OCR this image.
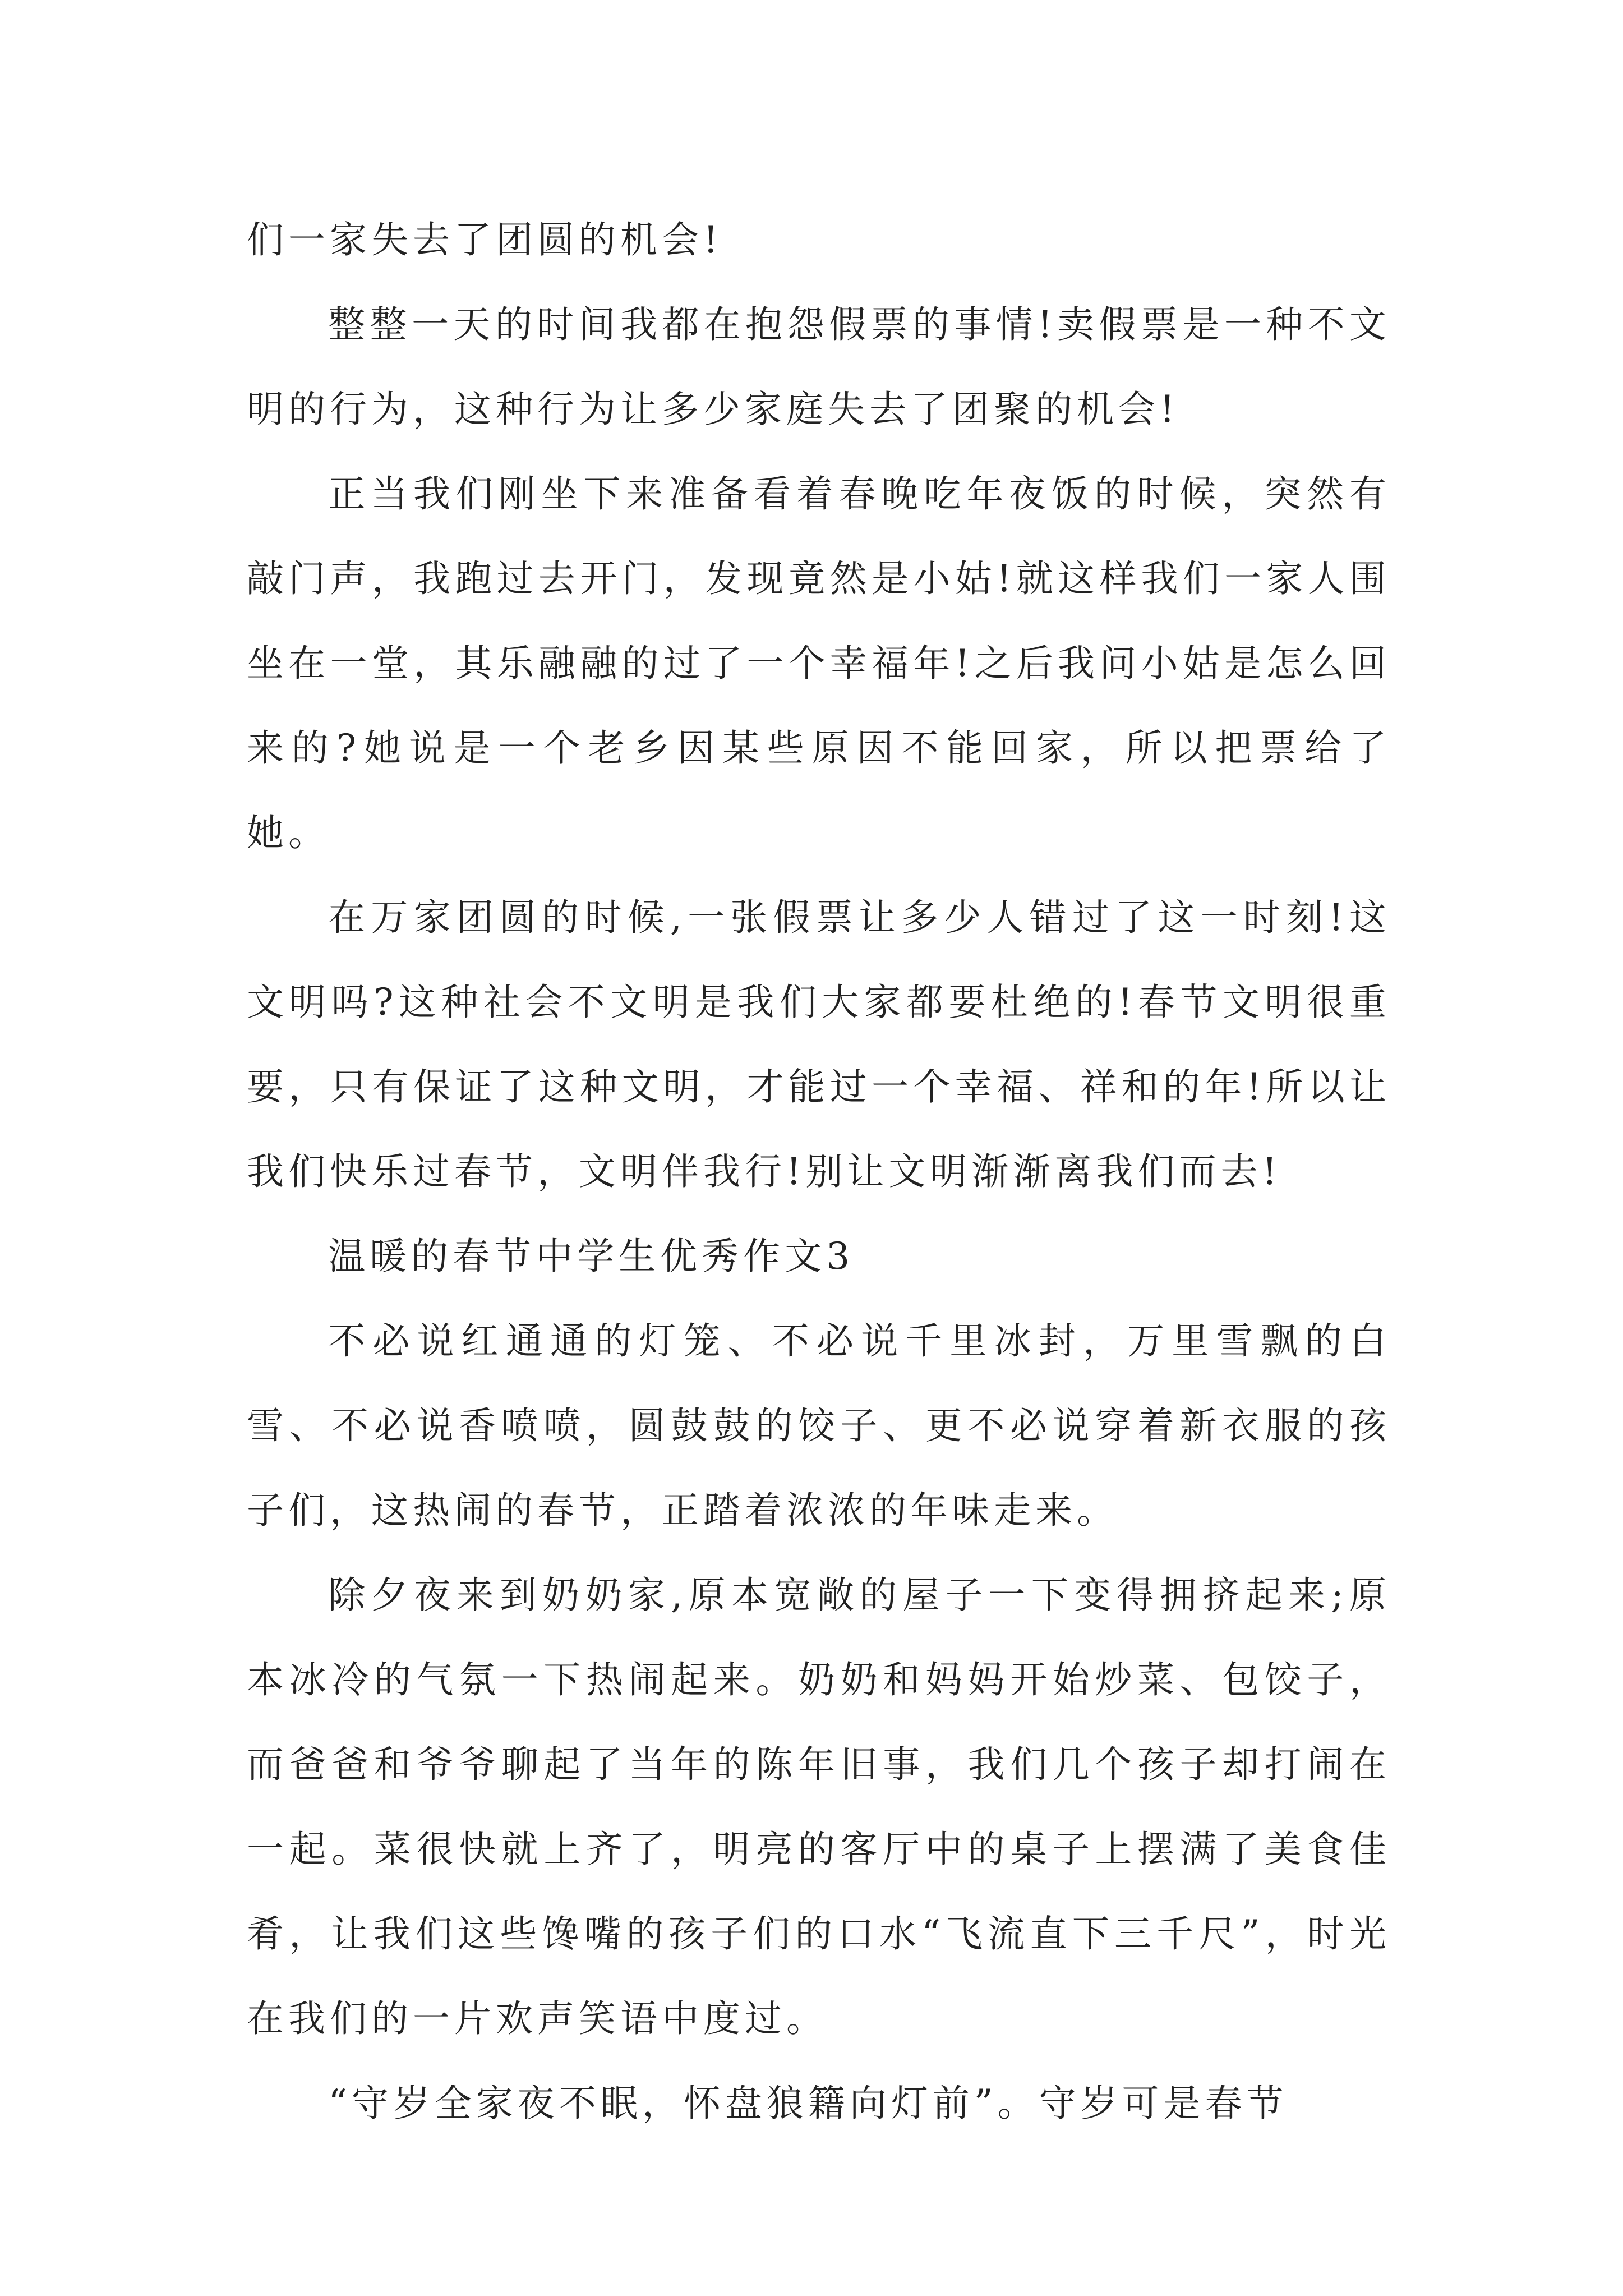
们一家失去了团圆的机会!

整整一天的时间我都在抱怨假票的事情!卖假票是一种不文明的行为，这种行为让多少家庭失去了团聚的机会!

正当我们刚坐下来准备看着春晚吃年夜饭的时候，突然有敲门声，我跑过去开门，发现竟然是小姑!就这样我们一家人围坐在一堂，其乐融融的过了一个幸福年!之后我问小姑是怎么回来的?她说是一个老乡因某些原因不能回家，所以把票给了她。

在万家团圆的时候,一张假票让多少人错过了这一时刻!这文明吗?这种社会不文明是我们大家都要杜绝的!春节文明很重要，只有保证了这种文明，才能过一个幸福、祥和的年!所以让我们快乐过春节，文明伴我行!别让文明渐渐离我们而去!

温暖的春节中学生优秀作文3

不必说红通通的灯笼、不必说千里冰封，万里雪飘的白雪、不必说香喷喷，圆鼓鼓的饺子、更不必说穿着新衣服的孩子们，这热闹的春节，正踏着浓浓的年味走来。

除夕夜来到奶奶家,原本宽敞的屋子一下变得拥挤起来;原本冰冷的气氛一下热闹起来。奶奶和妈妈开始炒菜、包饺子，而爸爸和爷爷聊起了当年的陈年旧事，我们几个孩子却打闹在一起。菜很快就上齐了，明亮的客厅中的桌子上摆满了美食佳肴，让我们这些馋嘴的孩子们的口水“飞流直下三千尺”，时光在我们的一片欢声笑语中度过。

“守岁全家夜不眠，怀盘狼籍向灯前”。守岁可是春节
